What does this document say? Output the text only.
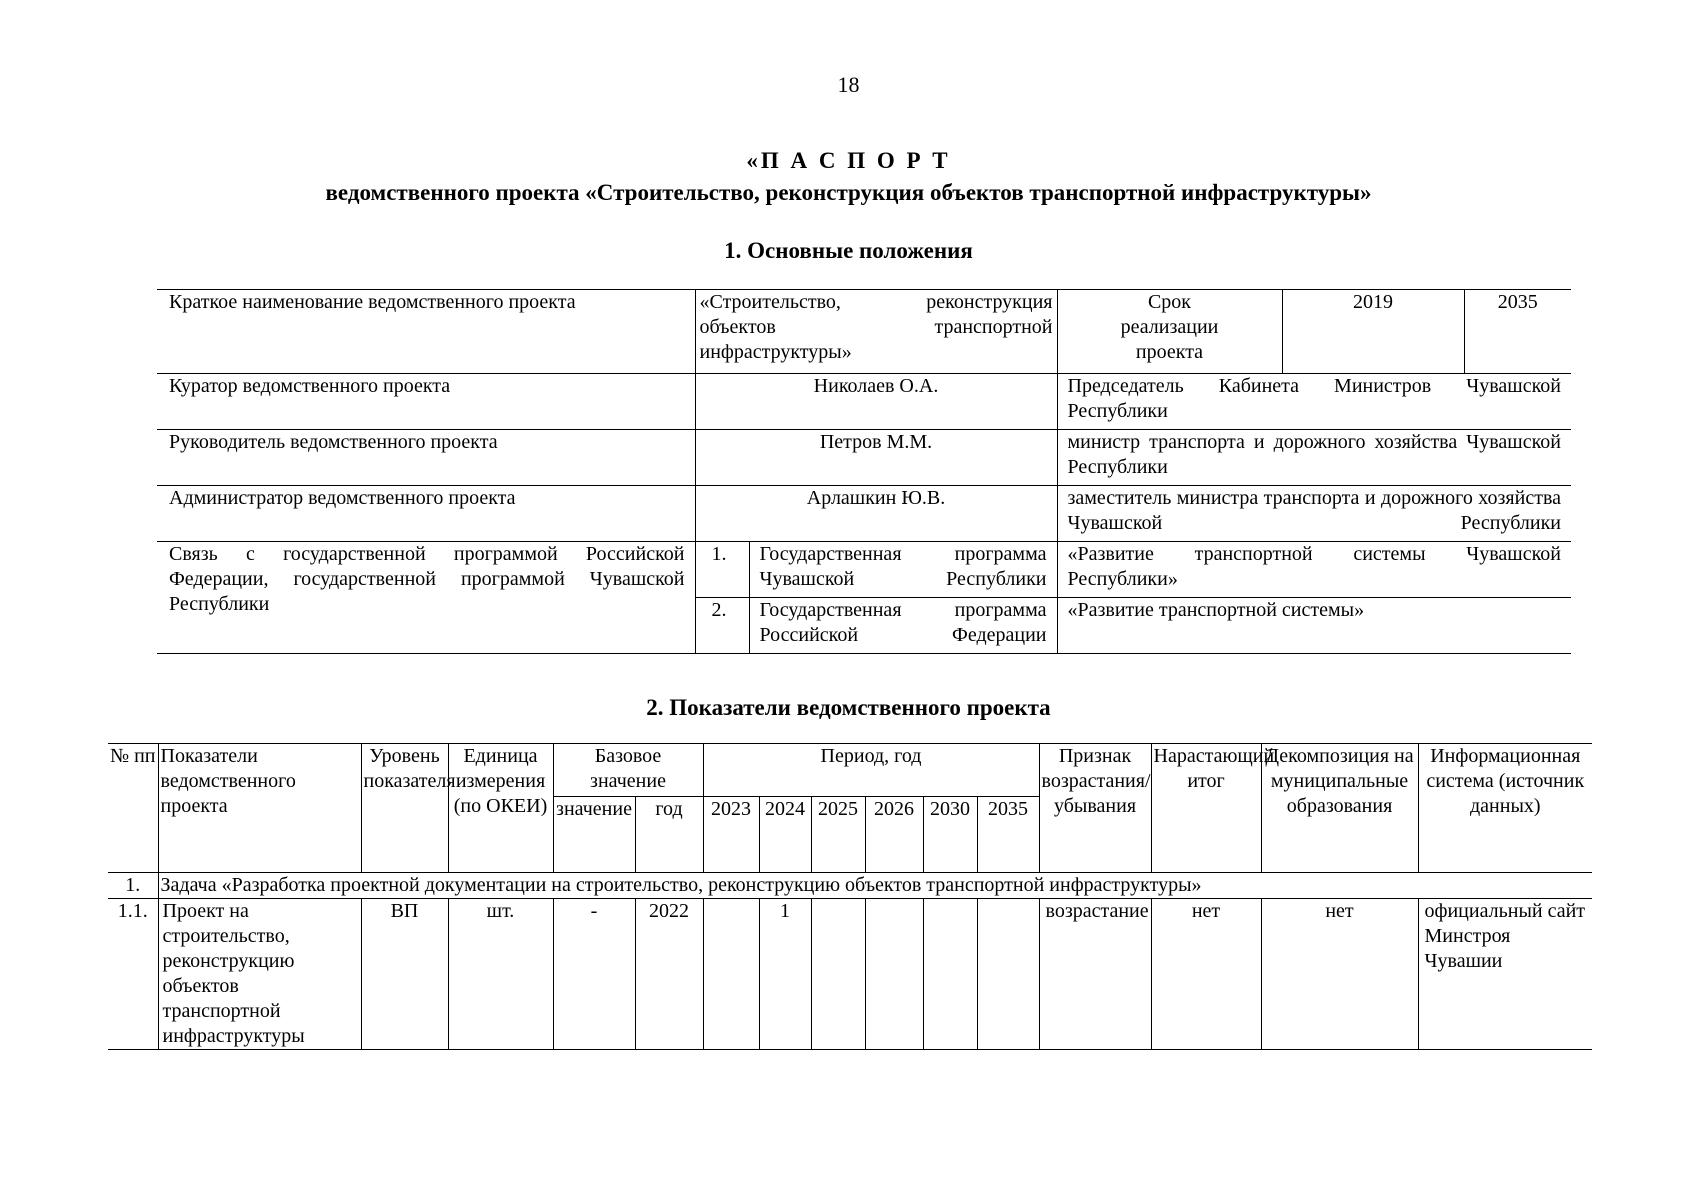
18
«П А С П О Р Т
ведомственного проекта «Строительство, реконструкция объектов транспортной инфраструктуры»
1. Основные положения
Краткое наименование ведомственного проекта	«Строительство, реконструкция объектов транспортной инфраструктуры»		Срок реализации проекта	2019	2035
Куратор ведомственного проекта	Николаев О.А.		Председатель Кабинета Министров Чувашской Республики		
Руководитель ведомственного проекта	Петров М.М.		министр транспорта и дорожного хозяйства Чувашской Республики		
Администратор ведомственного проекта	Арлашкин Ю.В.		заместитель министра транспорта и дорожного хозяйства Чувашской Республики		
Связь с государственной программой Российской Федерации, государственной программой Чувашской Республики	1.	Государственная программа Чувашской Республики	«Развитие транспортной системы Чувашской Республики»		
	2.	Государственная программа Российской Федерации	«Развитие транспортной системы»		
2. Показатели ведомственного проекта
№ пп	Показатели ведомственного проекта	Уровень показателя	Единица измерения (по ОКЕИ)	Базовое значение		Период, год						Признак возрастания/ убывания	Нарастающий итог	Декомпозиция на муниципальные образования	Информационная система (источник данных)
				значение	год	2023	2024	2025	2026	2030	2035				
1.	Задача «Разработка проектной документации на строительство, реконструкцию объектов транспортной инфраструктуры»														
1.1.	Проект на строительство, реконструкцию объектов транспортной инфраструктуры	ВП	шт.	-	2022		1					возрастание	нет	нет	официальный сайт Минстроя Чувашии
